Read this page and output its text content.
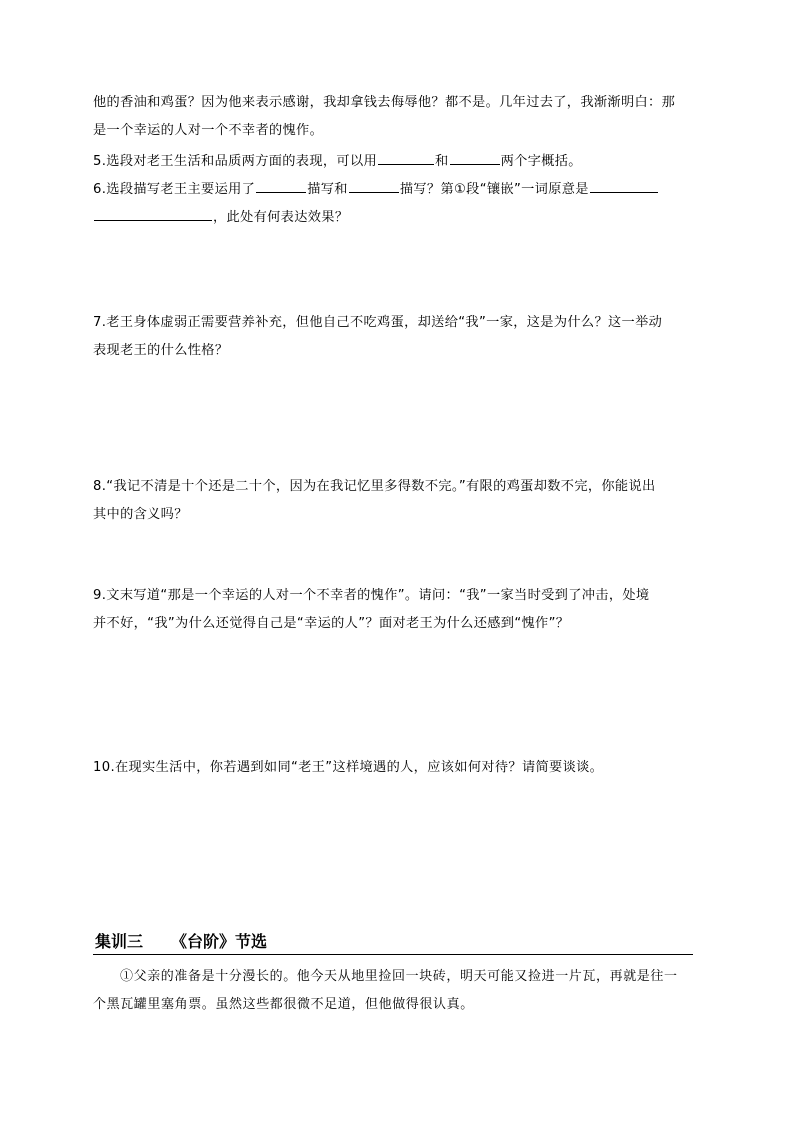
他的香油和鸡蛋？因为他来表示感谢，我却拿钱去侮辱他？都不是。几年过去了，我渐渐明白：那
是一个幸运的人对一个不幸者的愧作。
5.选段对老王生活和品质两方面的表现，可以用	和	两个字概括。
6.选段描写老王主要运用了	描写和	描写？第①段“镶嵌”一词原意是
，此处有何表达效果？
7.老王身体虚弱正需要营养补充，但他自己不吃鸡蛋，却送给“我”一家，这是为什么？这一举动
表现老王的什么性格？
8.“我记不清是十个还是二十个，因为在我记忆里多得数不完。”有限的鸡蛋却数不完，你能说出
其中的含义吗？
9.文末写道“那是一个幸运的人对一个不幸者的愧作”。请问：“我”一家当时受到了冲击，处境
并不好，“我”为什么还觉得自己是“幸运的人”？面对老王为什么还感到“愧作”？
10.在现实生活中，你若遇到如同“老王”这样境遇的人，应该如何对待？请简要谈谈。
集训三 《台阶》节选
①父亲的准备是十分漫长的。他今天从地里捡回一块砖，明天可能又捡进一片瓦，再就是往一
个黑瓦罐里塞角票。虽然这些都很微不足道，但他做得很认真。
